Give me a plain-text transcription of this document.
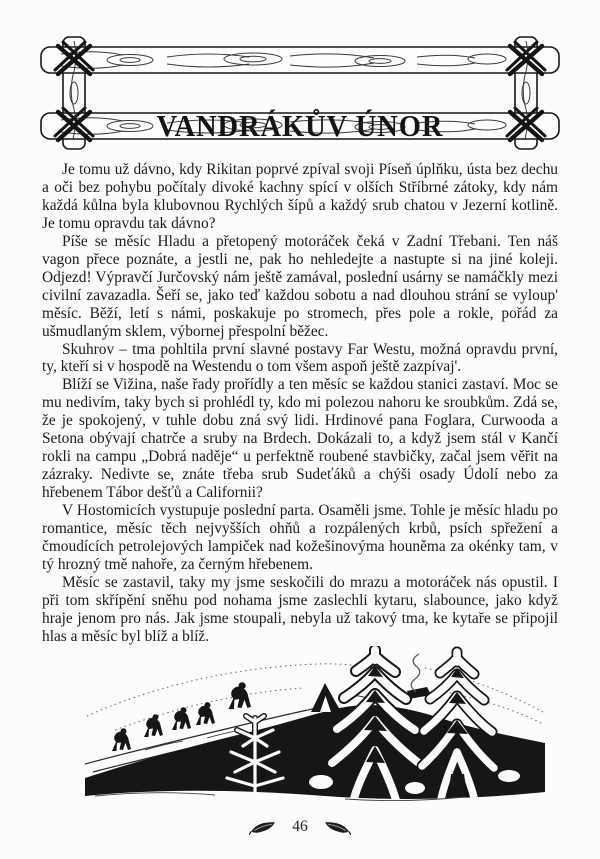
VANDRÁKŮV ÚNOR

Je tomu už dávno, kdy Rikitan poprvé zpíval svoji Píseň úplňku, ústa bez dechu a oči bez pohybu počítaly divoké kachny spící v olších Stříbrné zátoky, kdy nám každá kůlna byla klubovnou Rychlých šípů a každý srub chatou v Jezerní kotlině. Je tomu opravdu tak dávno?

Píše se měsíc Hladu a přetopený motoráček čeká v Zadní Třebani. Ten náš vagon přece poznáte, a jestli ne, pak ho nehledejte a nastupte si na jiné koleji. Odjezd! Výpravčí Jurčovský nám ještě zamával, poslední usárny se namáčkly mezi civilní zavazadla. Šeří se, jako teď každou sobotu a nad dlouhou strání se vyloup' měsíc. Běží, letí s námi, poskakuje po stromech, přes pole a rokle, pořád za ušmudlaným sklem, výbornej přespolní běžec.

Skuhrov – tma pohltila první slavné postavy Far Westu, možná opravdu první, ty, kteří si v hospodě na Westendu o tom všem aspoň ještě zazpívaj'.

Blíží se Vižina, naše řady prořídly a ten měsíc se každou stanici zastaví. Moc se mu nedivím, taky bych si prohlédl ty, kdo mi polezou nahoru ke sroubkům. Zdá se, že je spokojený, v tuhle dobu zná svý lidi. Hrdinové pana Foglara, Curwooda a Setona obývají chatrče a sruby na Brdech. Dokázali to, a když jsem stál v Kančí rokli na campu „Dobrá naděje“ u perfektně roubené stavbičky, začal jsem věřit na zázraky. Nedivte se, znáte třeba srub Sudeťáků a chýši osady Údolí nebo za hřebenem Tábor dešťů a Californii?

V Hostomicích vystupuje poslední parta. Osaměli jsme. Tohle je měsíc hladu po romantice, měsíc těch nejvyšších ohňů a rozpálených krbů, psích spřežení a čmoudících petrolejových lampiček nad kožešinovýma houněma za okénky tam, v tý hrozný tmě nahoře, za černým hřebenem.

Měsíc se zastavil, taky my jsme seskočili do mrazu a motoráček nás opustil. I při tom skřípění sněhu pod nohama jsme zaslechli kytaru, slabounce, jako když hraje jenom pro nás. Jak jsme stoupali, nebyla už takový tma, ke kytaře se připojil hlas a měsíc byl blíž a blíž.

46
